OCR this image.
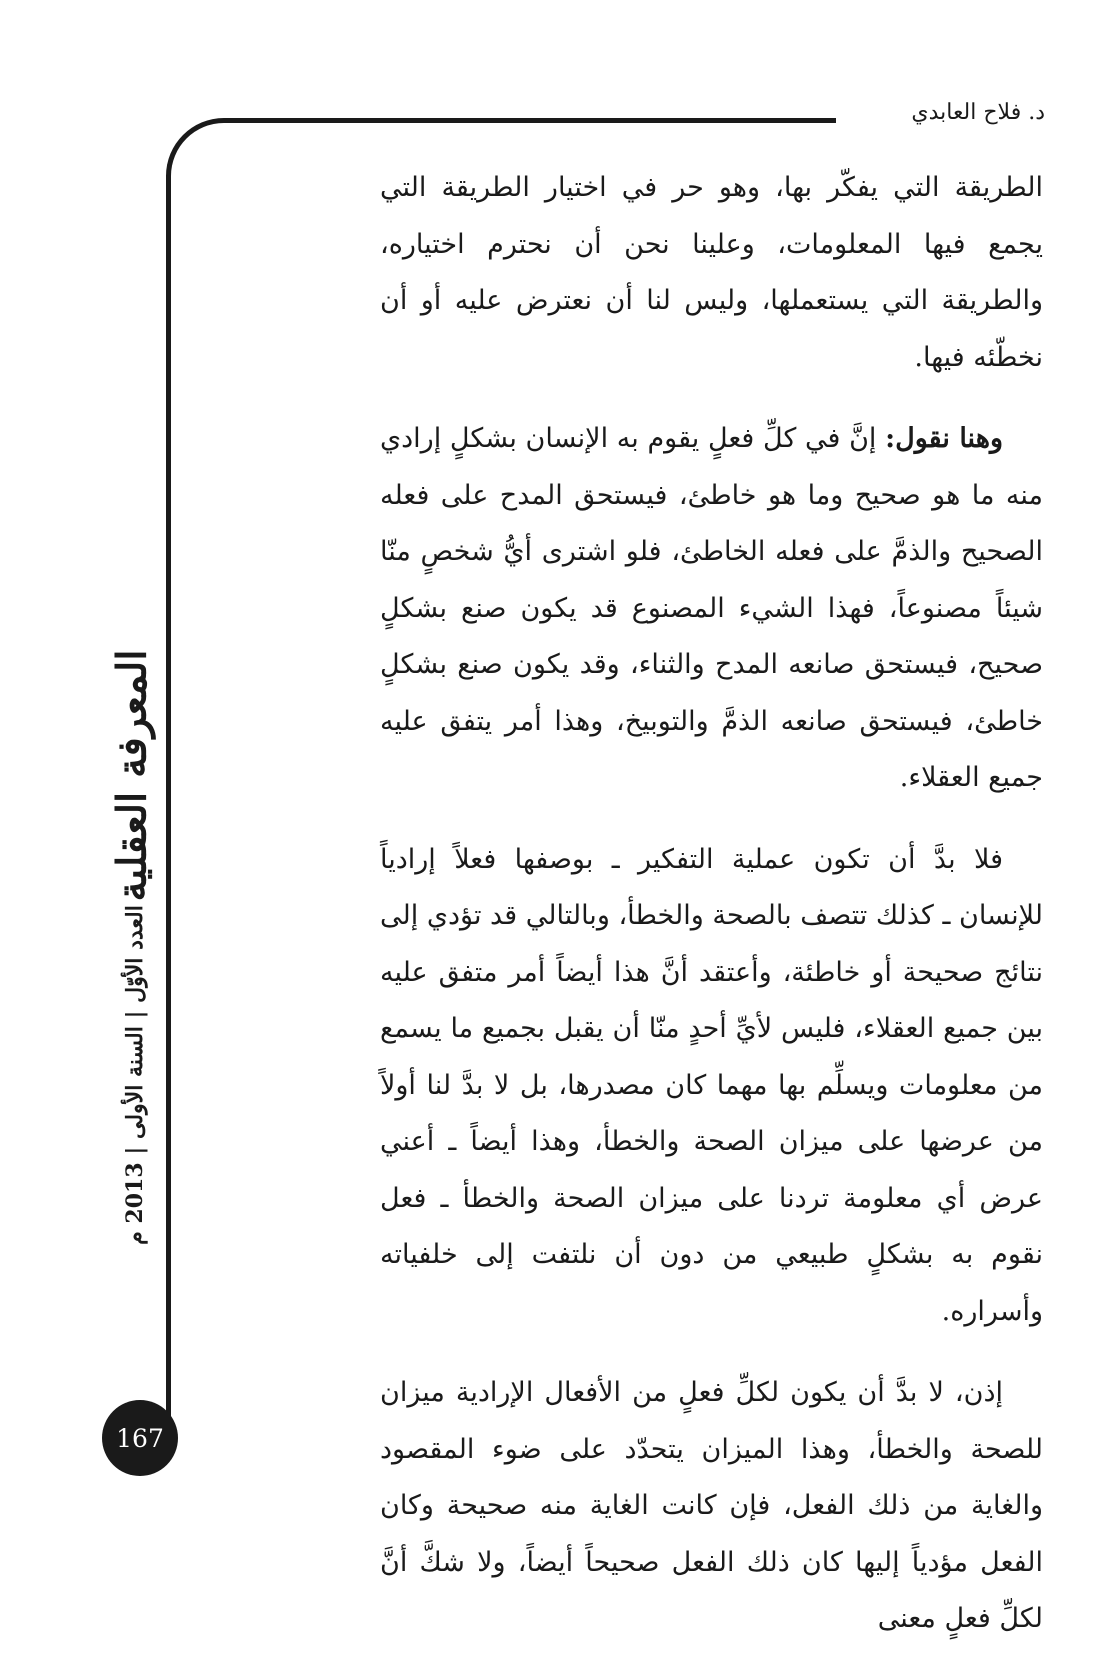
د. فلاح العابدي
المعرفة العقلية
العدد الأوّل | السنة الأولى | 2013 م
167

الطريقة التي يفكّر بها، وهو حر في اختيار الطريقة التي يجمع فيها المعلومات، وعلينا نحن أن نحترم اختياره، والطريقة التي يستعملها، وليس لنا أن نعترض عليه أو أن نخطّئه فيها.

وهنا نقول: إنَّ في كلِّ فعلٍ يقوم به الإنسان بشكلٍ إرادي منه ما هو صحيح وما هو خاطئ، فيستحق المدح على فعله الصحيح والذمَّ على فعله الخاطئ، فلو اشترى أيُّ شخصٍ منّا شيئاً مصنوعاً، فهذا الشيء المصنوع قد يكون صنع بشكلٍ صحيح، فيستحق صانعه المدح والثناء، وقد يكون صنع بشكلٍ خاطئ، فيستحق صانعه الذمَّ والتوبيخ، وهذا أمر يتفق عليه جميع العقلاء.

فلا بدَّ أن تكون عملية التفكير ـ بوصفها فعلاً إرادياً للإنسان ـ كذلك تتصف بالصحة والخطأ، وبالتالي قد تؤدي إلى نتائج صحيحة أو خاطئة، وأعتقد أنَّ هذا أيضاً أمر متفق عليه بين جميع العقلاء، فليس لأيِّ أحدٍ منّا أن يقبل بجميع ما يسمع من معلومات ويسلِّم بها مهما كان مصدرها، بل لا بدَّ لنا أولاً من عرضها على ميزان الصحة والخطأ، وهذا أيضاً ـ أعني عرض أي معلومة تردنا على ميزان الصحة والخطأ ـ فعل نقوم به بشكلٍ طبيعي من دون أن نلتفت إلى خلفياته وأسراره.

إذن، لا بدَّ أن يكون لكلِّ فعلٍ من الأفعال الإرادية ميزان للصحة والخطأ، وهذا الميزان يتحدّد على ضوء المقصود والغاية من ذلك الفعل، فإن كانت الغاية منه صحيحة وكان الفعل مؤدياً إليها كان ذلك الفعل صحيحاً أيضاً، ولا شكَّ أنَّ لكلِّ فعلٍ معنى
